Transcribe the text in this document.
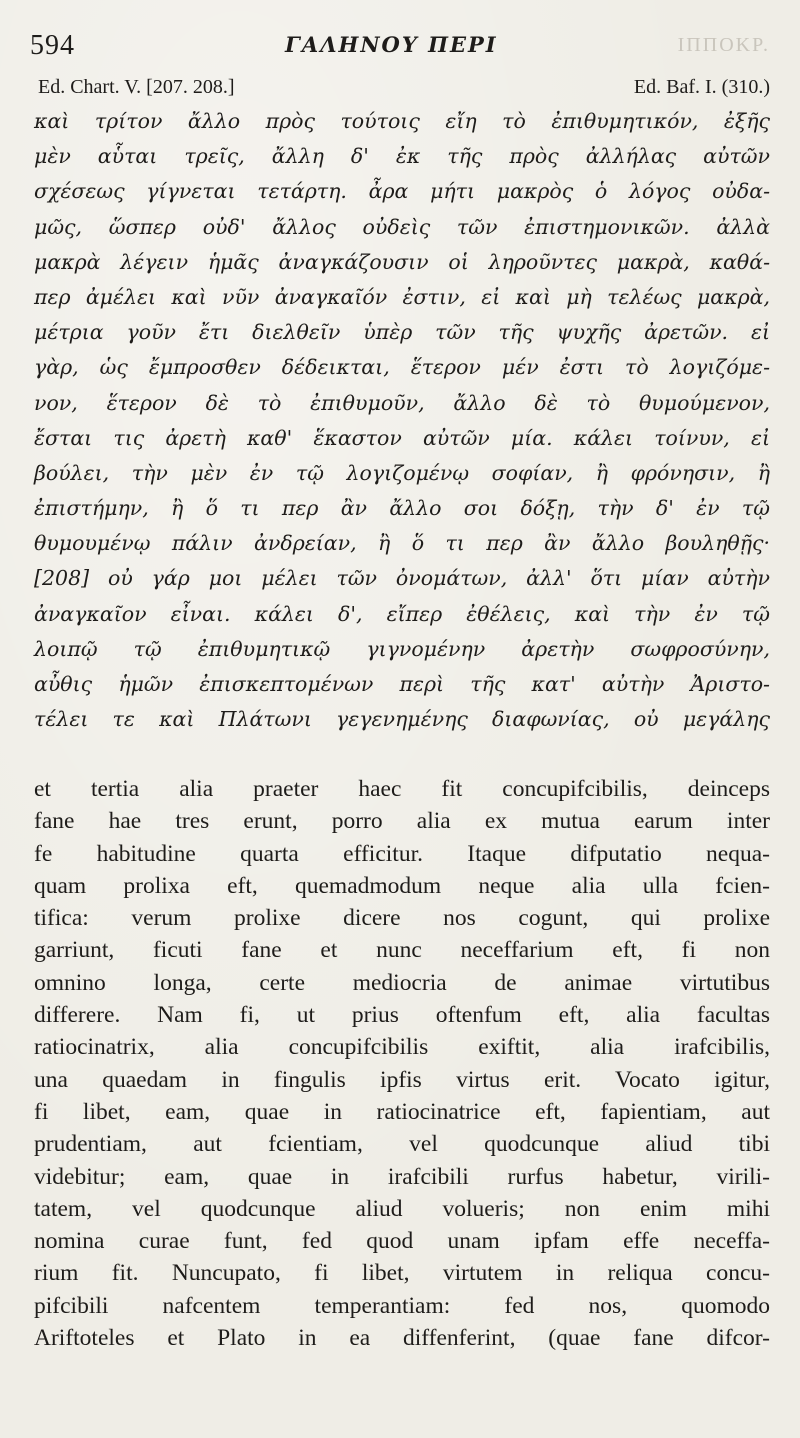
594	ΓΑΛΗΝΟΥ ΠΕΡΙ	ΙΠΠΟΚΡ.
Ed. Chart. V. [207. 208.]	Ed. Baf. I. (310.)
καὶ τρίτον ἄλλο πρὸς τούτοις εἴη τὸ ἐπιθυμητικόν, ἐξῆς
μὲν αὗται τρεῖς, ἄλλη δ' ἐκ τῆς πρὸς ἀλλήλας αὐτῶν
σχέσεως γίγνεται τετάρτη. ἆρα μήτι μακρὸς ὁ λόγος οὐδα-
μῶς, ὥσπερ οὐδ' ἄλλος οὐδεὶς τῶν ἐπιστημονικῶν. ἀλλὰ
μακρὰ λέγειν ἡμᾶς ἀναγκάζουσιν οἱ ληροῦντες μακρὰ, καθά-
περ ἀμέλει καὶ νῦν ἀναγκαῖόν ἐστιν, εἰ καὶ μὴ τελέως μακρὰ,
μέτρια γοῦν ἔτι διελθεῖν ὑπὲρ τῶν τῆς ψυχῆς ἀρετῶν. εἰ
γὰρ, ὡς ἔμπροσθεν δέδεικται, ἕτερον μέν ἐστι τὸ λογιζόμε-
νον, ἕτερον δὲ τὸ ἐπιθυμοῦν, ἄλλο δὲ τὸ θυμούμενον,
ἔσται τις ἀρετὴ καθ' ἕκαστον αὐτῶν μία. κάλει τοίνυν, εἰ
βούλει, τὴν μὲν ἐν τῷ λογιζομένῳ σοφίαν, ἢ φρόνησιν, ἢ
ἐπιστήμην, ἢ ὅ τι περ ἂν ἄλλο σοι δόξῃ, τὴν δ' ἐν τῷ
θυμουμένῳ πάλιν ἀνδρείαν, ἢ ὅ τι περ ἂν ἄλλο βουληθῇς·
[208] οὐ γάρ μοι μέλει τῶν ὀνομάτων, ἀλλ' ὅτι μίαν αὐτὴν
ἀναγκαῖον εἶναι. κάλει δ', εἴπερ ἐθέλεις, καὶ τὴν ἐν τῷ
λοιπῷ τῷ ἐπιθυμητικῷ γιγνομένην ἀρετὴν σωφροσύνην,
αὖθις ἡμῶν ἐπισκεπτομένων περὶ τῆς κατ' αὐτὴν Ἀριστο-
τέλει τε καὶ Πλάτωνι γεγενημένης διαφωνίας, οὐ μεγάλης
et tertia alia praeter haec fit concupifcibilis, deinceps
fane hae tres erunt, porro alia ex mutua earum inter
fe habitudine quarta efficitur. Itaque difputatio nequa-
quam prolixa eft, quemadmodum neque alia ulla fcien-
tifica: verum prolixe dicere nos cogunt, qui prolixe
garriunt, ficuti fane et nunc neceffarium eft, fi non
omnino longa, certe mediocria de animae virtutibus
differere. Nam fi, ut prius oftenfum eft, alia facultas
ratiocinatrix, alia concupifcibilis exiftit, alia irafcibilis,
una quaedam in fingulis ipfis virtus erit. Vocato igitur,
fi libet, eam, quae in ratiocinatrice eft, fapientiam, aut
prudentiam, aut fcientiam, vel quodcunque aliud tibi
videbitur; eam, quae in irafcibili rurfus habetur, virili-
tatem, vel quodcunque aliud volueris; non enim mihi
nomina curae funt, fed quod unam ipfam effe neceffa-
rium fit. Nuncupato, fi libet, virtutem in reliqua concu-
pifcibili nafcentem temperantiam: fed nos, quomodo
Ariftoteles et Plato in ea diffenferint, (quae fane difcor-
